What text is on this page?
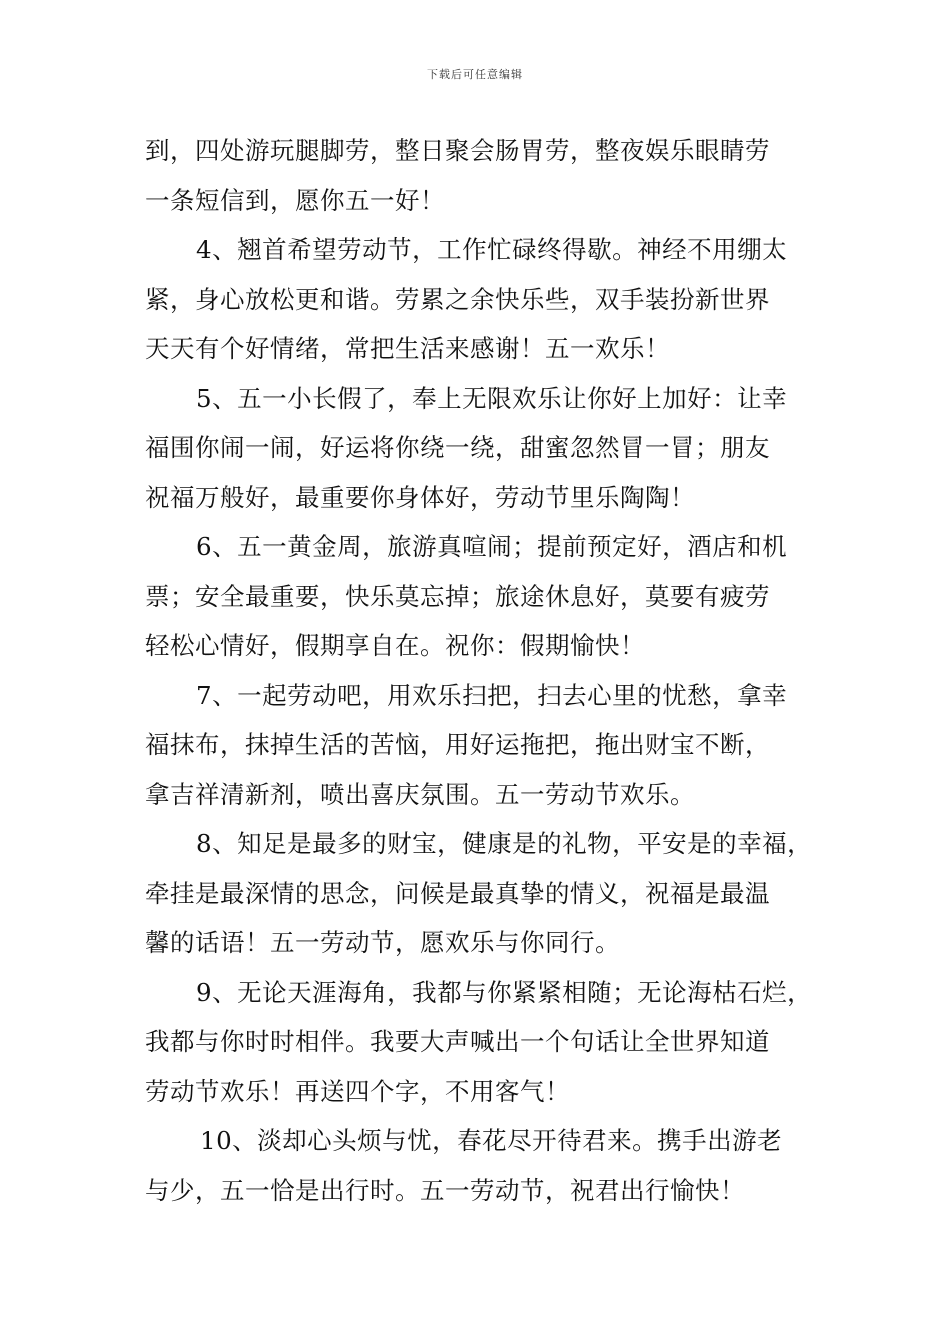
下载后可任意编辑
到，四处游玩腿脚劳，整日聚会肠胃劳，整夜娱乐眼睛劳
一条短信到，愿你五一好！
4、翘首希望劳动节，工作忙碌终得歇。神经不用绷太
紧，身心放松更和谐。劳累之余快乐些，双手装扮新世界
天天有个好情绪，常把生活来感谢！五一欢乐！
5、五一小长假了，奉上无限欢乐让你好上加好：让幸
福围你闹一闹，好运将你绕一绕，甜蜜忽然冒一冒；朋友
祝福万般好，最重要你身体好，劳动节里乐陶陶！
6、五一黄金周，旅游真喧闹；提前预定好，酒店和机
票；安全最重要，快乐莫忘掉；旅途休息好，莫要有疲劳
轻松心情好，假期享自在。祝你：假期愉快！
7、一起劳动吧，用欢乐扫把，扫去心里的忧愁，拿幸
福抹布，抹掉生活的苦恼，用好运拖把，拖出财宝不断，
拿吉祥清新剂，喷出喜庆氛围。五一劳动节欢乐。
8、知足是最多的财宝，健康是的礼物，平安是的幸福，
牵挂是最深情的思念，问候是最真挚的情义，祝福是最温
馨的话语！五一劳动节，愿欢乐与你同行。
9、无论天涯海角，我都与你紧紧相随；无论海枯石烂，
我都与你时时相伴。我要大声喊出一个句话让全世界知道
劳动节欢乐！再送四个字，不用客气！
10、淡却心头烦与忧，春花尽开待君来。携手出游老
与少，五一恰是出行时。五一劳动节，祝君出行愉快！
